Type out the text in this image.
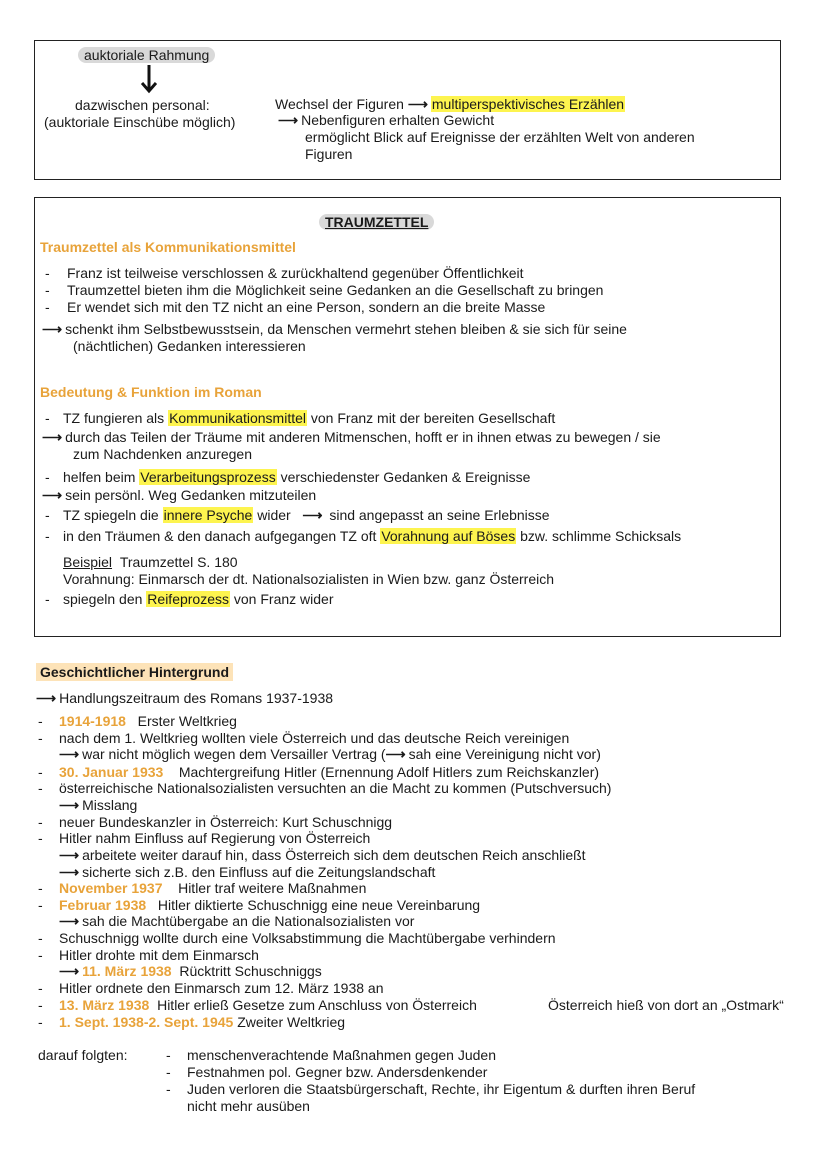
auktoriale Rahmung
dazwischen personal:
(auktoriale Einschübe möglich)
Wechsel der Figuren ⟶ multiperspektivisches Erzählen
⟶ Nebenfiguren erhalten Gewicht
ermöglicht Blick auf Ereignisse der erzählten Welt von anderen
Figuren
TRAUMZETTEL
Traumzettel als Kommunikationsmittel
- Franz ist teilweise verschlossen & zurückhaltend gegenüber Öffentlichkeit
- Traumzettel bieten ihm die Möglichkeit seine Gedanken an die Gesellschaft zu bringen
- Er wendet sich mit den TZ nicht an eine Person, sondern an die breite Masse
⟶ schenkt ihm Selbstbewusstsein, da Menschen vermehrt stehen bleiben & sie sich für seine
(nächtlichen) Gedanken interessieren
Bedeutung & Funktion im Roman
- TZ fungieren als Kommunikationsmittel von Franz mit der bereiten Gesellschaft
⟶ durch das Teilen der Träume mit anderen Mitmenschen, hofft er in ihnen etwas zu bewegen / sie
zum Nachdenken anzuregen
- helfen beim Verarbeitungsprozess verschiedenster Gedanken & Ereignisse
⟶ sein persönl. Weg Gedanken mitzuteilen
- TZ spiegeln die innere Psyche wider ⟶ sind angepasst an seine Erlebnisse
- in den Träumen & den danach aufgegangen TZ oft Vorahnung auf Böses bzw. schlimme Schicksals
Beispiel Traumzettel S. 180
Vorahnung: Einmarsch der dt. Nationalsozialisten in Wien bzw. ganz Österreich
- spiegeln den Reifeprozess von Franz wider
Geschichtlicher Hintergrund
⟶ Handlungszeitraum des Romans 1937-1938
- 1914-1918 Erster Weltkrieg
- nach dem 1. Weltkrieg wollten viele Österreich und das deutsche Reich vereinigen
⟶ war nicht möglich wegen dem Versailler Vertrag (⟶ sah eine Vereinigung nicht vor)
- 30. Januar 1933 Machtergreifung Hitler (Ernennung Adolf Hitlers zum Reichskanzler)
- österreichische Nationalsozialisten versuchten an die Macht zu kommen (Putschversuch)
⟶ Misslang
- neuer Bundeskanzler in Österreich: Kurt Schuschnigg
- Hitler nahm Einfluss auf Regierung von Österreich
⟶ arbeitete weiter darauf hin, dass Österreich sich dem deutschen Reich anschließt
⟶ sicherte sich z.B. den Einfluss auf die Zeitungslandschaft
- November 1937 Hitler traf weitere Maßnahmen
- Februar 1938 Hitler diktierte Schuschnigg eine neue Vereinbarung
⟶ sah die Machtübergabe an die Nationalsozialisten vor
- Schuschnigg wollte durch eine Volksabstimmung die Machtübergabe verhindern
- Hitler drohte mit dem Einmarsch
⟶ 11. März 1938 Rücktritt Schuschniggs
- Hitler ordnete den Einmarsch zum 12. März 1938 an
- 13. März 1938 Hitler erließ Gesetze zum Anschluss von Österreich	Österreich hieß von dort an „Ostmark“
- 1. Sept. 1938-2. Sept. 1945 Zweiter Weltkrieg
darauf folgten:	- menschenverachtende Maßnahmen gegen Juden
- Festnahmen pol. Gegner bzw. Andersdenkender
- Juden verloren die Staatsbürgerschaft, Rechte, ihr Eigentum & durften ihren Beruf
nicht mehr ausüben
